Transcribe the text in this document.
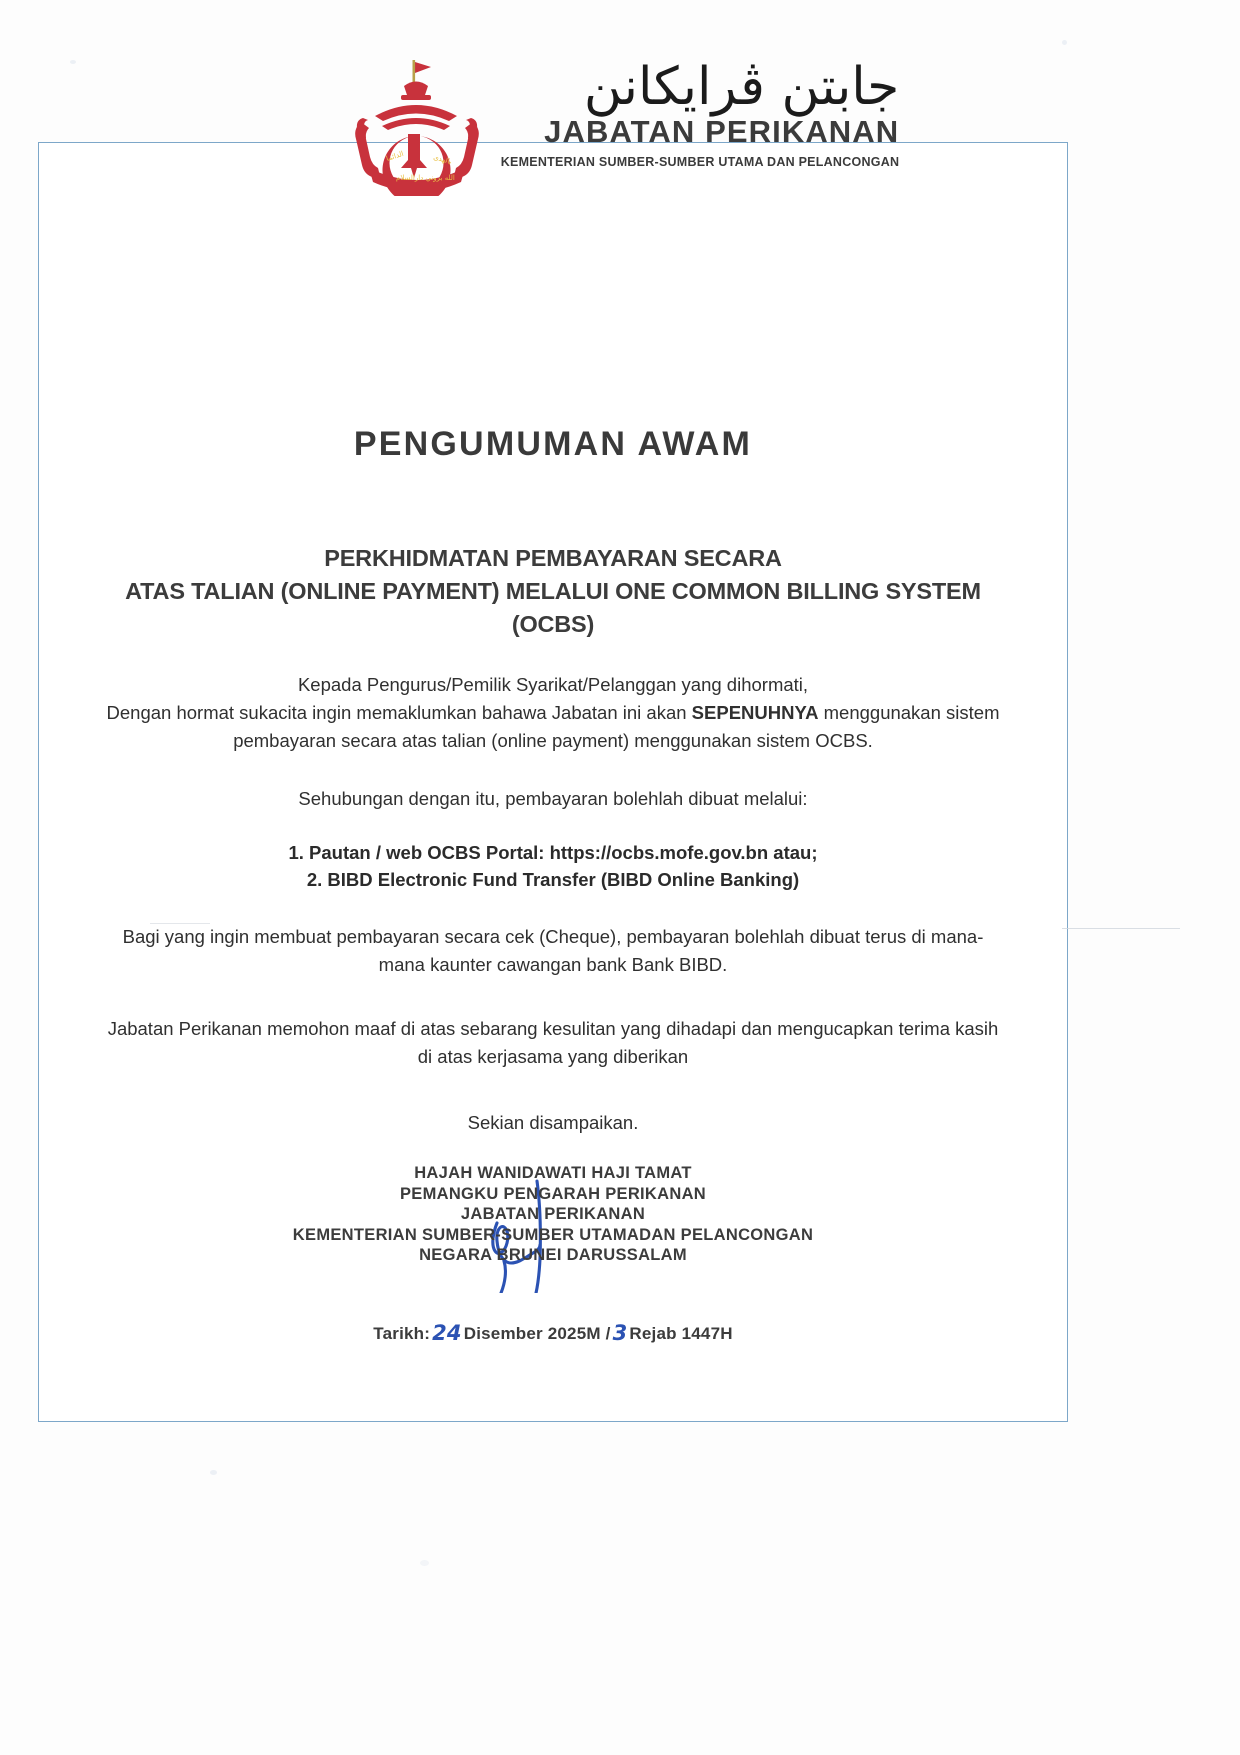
الدائما	بالهدى
الله بروني دارالسلام
جابتن ڤرايكانن
JABATAN PERIKANAN
KEMENTERIAN SUMBER-SUMBER UTAMA DAN PELANCONGAN
PENGUMUMAN AWAM
PERKHIDMATAN PEMBAYARAN SECARA
ATAS TALIAN (ONLINE PAYMENT) MELALUI ONE COMMON BILLING SYSTEM
(OCBS)
Kepada Pengurus/Pemilik Syarikat/Pelanggan yang dihormati,
Dengan hormat sukacita ingin memaklumkan bahawa Jabatan ini akan SEPENUHNYA menggunakan sistem pembayaran secara atas talian (online payment) menggunakan sistem OCBS.
Sehubungan dengan itu, pembayaran bolehlah dibuat melalui:
1. Pautan / web OCBS Portal: https://ocbs.mofe.gov.bn atau;
2. BIBD Electronic Fund Transfer (BIBD Online Banking)
Bagi yang ingin membuat pembayaran secara cek (Cheque), pembayaran bolehlah dibuat terus di mana-mana kaunter cawangan bank Bank BIBD.
Jabatan Perikanan memohon maaf di atas sebarang kesulitan yang dihadapi dan mengucapkan terima kasih di atas kerjasama yang diberikan
Sekian disampaikan.
HAJAH WANIDAWATI HAJI TAMAT
PEMANGKU PENGARAH PERIKANAN
JABATAN PERIKANAN
KEMENTERIAN SUMBER-SUMBER UTAMADAN PELANCONGAN
NEGARA BRUNEI DARUSSALAM
Tarikh:24 Disember 2025M /3 Rejab 1447H
